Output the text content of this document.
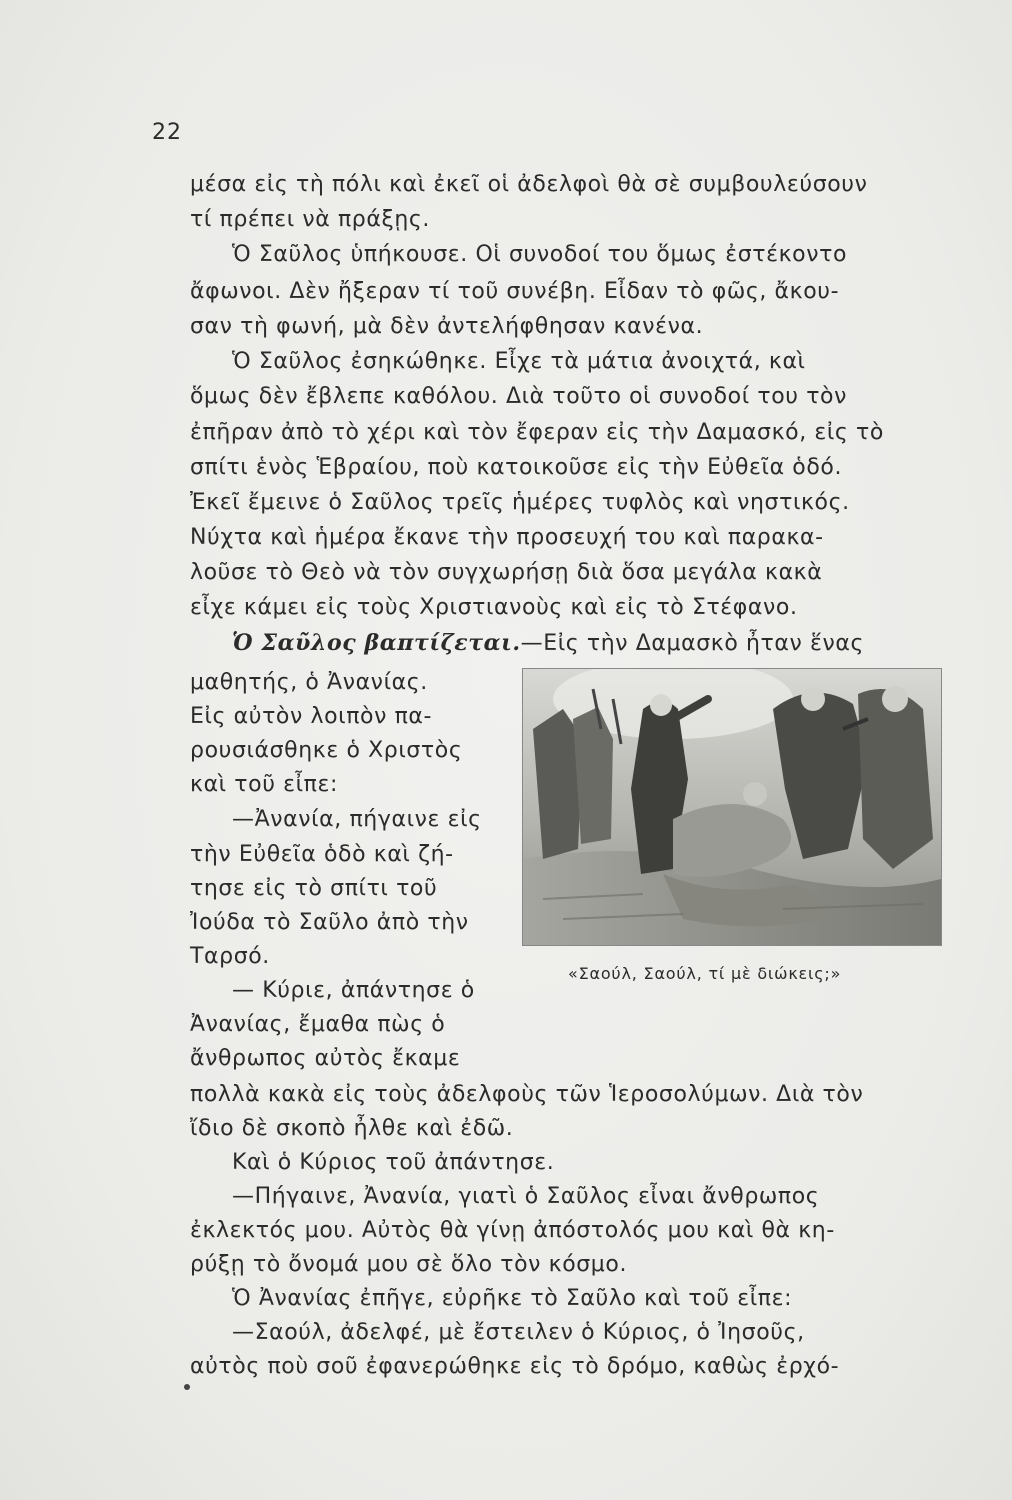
22
μέσα εἰς τὴ πόλι καὶ ἐκεῖ οἱ ἀδελφοὶ θὰ σὲ συμβουλεύσουν
τί πρέπει νὰ πράξῃς.
Ὁ Σαῦλος ὑπήκουσε. Οἱ συνοδοί του ὅμως ἐστέκοντο
ἄφωνοι. Δὲν ἤξεραν τί τοῦ συνέβη. Εἶδαν τὸ φῶς, ἄκου-
σαν τὴ φωνή, μὰ δὲν ἀντελήφθησαν κανένα.
Ὁ Σαῦλος ἐσηκώθηκε. Εἶχε τὰ μάτια ἀνοιχτά, καὶ
ὅμως δὲν ἔβλεπε καθόλου. Διὰ τοῦτο οἱ συνοδοί του τὸν
ἐπῆραν ἀπὸ τὸ χέρι καὶ τὸν ἔφεραν εἰς τὴν Δαμασκό, εἰς τὸ
σπίτι ἑνὸς Ἑβραίου, ποὺ κατοικοῦσε εἰς τὴν Εὐθεῖα ὁδό.
Ἐκεῖ ἔμεινε ὁ Σαῦλος τρεῖς ἡμέρες τυφλὸς καὶ νηστικός.
Νύχτα καὶ ἡμέρα ἔκανε τὴν προσευχή του καὶ παρακα-
λοῦσε τὸ Θεὸ νὰ τὸν συγχωρήσῃ διὰ ὅσα μεγάλα κακὰ
εἶχε κάμει εἰς τοὺς Χριστιανοὺς καὶ εἰς τὸ Στέφανο.
Ὁ Σαῦλος βαπτίζεται.—Εἰς τὴν Δαμασκὸ ἦταν ἕνας
μαθητής, ὁ Ἀνανίας.
Εἰς αὐτὸν λοιπὸν πα-
ρουσιάσθηκε ὁ Χριστὸς
καὶ τοῦ εἶπε:
—Ἀνανία, πήγαινε εἰς
τὴν Εὐθεῖα ὁδὸ καὶ ζή-
τησε εἰς τὸ σπίτι τοῦ
Ἰούδα τὸ Σαῦλο ἀπὸ τὴν
Ταρσό.
— Κύριε, ἀπάντησε ὁ
Ἀνανίας, ἔμαθα πὼς ὁ
ἄνθρωπος αὐτὸς ἔκαμε
«Σαούλ, Σαούλ, τί μὲ διώκεις;»
πολλὰ κακὰ εἰς τοὺς ἀδελφοὺς τῶν Ἱεροσολύμων. Διὰ τὸν
ἴδιο δὲ σκοπὸ ἦλθε καὶ ἐδῶ.
Καὶ ὁ Κύριος τοῦ ἀπάντησε.
—Πήγαινε, Ἀνανία, γιατὶ ὁ Σαῦλος εἶναι ἄνθρωπος
ἐκλεκτός μου. Αὐτὸς θὰ γίνῃ ἀπόστολός μου καὶ θὰ κη-
ρύξῃ τὸ ὄνομά μου σὲ ὅλο τὸν κόσμο.
Ὁ Ἀνανίας ἐπῆγε, εὐρῆκε τὸ Σαῦλο καὶ τοῦ εἶπε:
—Σαούλ, ἀδελφέ, μὲ ἔστειλεν ὁ Κύριος, ὁ Ἰησοῦς,
αὐτὸς ποὺ σοῦ ἐφανερώθηκε εἰς τὸ δρόμο, καθὼς ἐρχό-
